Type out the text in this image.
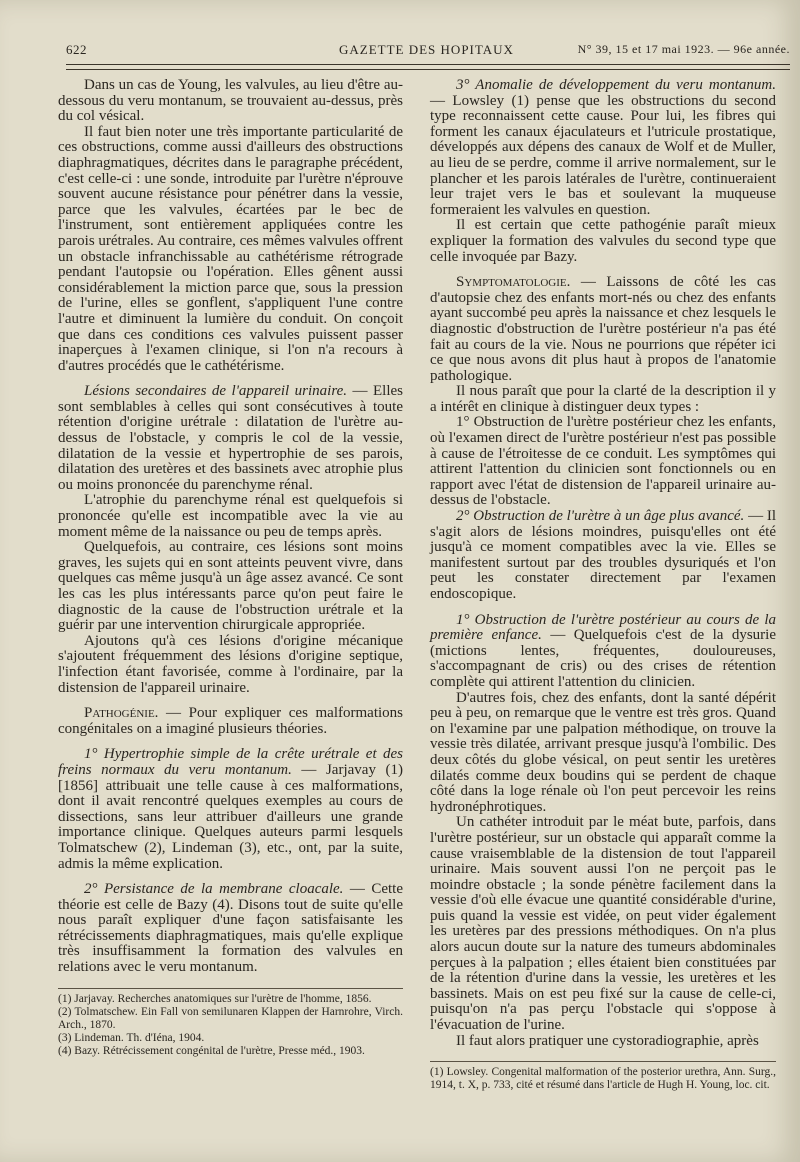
622	GAZETTE DES HOPITAUX	N° 39, 15 et 17 mai 1923. — 96e année.

Dans un cas de Young, les valvules, au lieu d'être au-dessous du veru montanum, se trouvaient au-dessus, près du col vésical.

Il faut bien noter une très importante particularité de ces obstructions, comme aussi d'ailleurs des obstructions diaphragmatiques, décrites dans le paragraphe précédent, c'est celle-ci : une sonde, introduite par l'urètre n'éprouve souvent aucune résistance pour pénétrer dans la vessie, parce que les valvules, écartées par le bec de l'instrument, sont entièrement appliquées contre les parois urétrales. Au contraire, ces mêmes valvules offrent un obstacle infranchissable au cathétérisme rétrograde pendant l'autopsie ou l'opération. Elles gênent aussi considérablement la miction parce que, sous la pression de l'urine, elles se gonflent, s'appliquent l'une contre l'autre et diminuent la lumière du conduit. On conçoit que dans ces conditions ces valvules puissent passer inaperçues à l'examen clinique, si l'on n'a recours à d'autres procédés que le cathétérisme.

Lésions secondaires de l'appareil urinaire. — Elles sont semblables à celles qui sont consécutives à toute rétention d'origine urétrale : dilatation de l'urètre au-dessus de l'obstacle, y compris le col de la vessie, dilatation de la vessie et hypertrophie de ses parois, dilatation des uretères et des bassinets avec atrophie plus ou moins prononcée du parenchyme rénal.

L'atrophie du parenchyme rénal est quelquefois si prononcée qu'elle est incompatible avec la vie au moment même de la naissance ou peu de temps après.

Quelquefois, au contraire, ces lésions sont moins graves, les sujets qui en sont atteints peuvent vivre, dans quelques cas même jusqu'à un âge assez avancé. Ce sont les cas les plus intéressants parce qu'on peut faire le diagnostic de la cause de l'obstruction urétrale et la guérir par une intervention chirurgicale appropriée.

Ajoutons qu'à ces lésions d'origine mécanique s'ajoutent fréquemment des lésions d'origine septique, l'infection étant favorisée, comme à l'ordinaire, par la distension de l'appareil urinaire.

Pathogénie. — Pour expliquer ces malformations congénitales on a imaginé plusieurs théories.

1° Hypertrophie simple de la crête urétrale et des freins normaux du veru montanum. — Jarjavay (1) [1856] attribuait une telle cause à ces malformations, dont il avait rencontré quelques exemples au cours de dissections, sans leur attribuer d'ailleurs une grande importance clinique. Quelques auteurs parmi lesquels Tolmatschew (2), Lindeman (3), etc., ont, par la suite, admis la même explication.

2° Persistance de la membrane cloacale. — Cette théorie est celle de Bazy (4). Disons tout de suite qu'elle nous paraît expliquer d'une façon satisfaisante les rétrécissements diaphragmatiques, mais qu'elle explique très insuffisamment la formation des valvules en relations avec le veru montanum.

(1) Jarjavay. Recherches anatomiques sur l'urètre de l'homme, 1856.
(2) Tolmatschew. Ein Fall von semilunaren Klappen der Harnrohre, Virch. Arch., 1870.
(3) Lindeman. Th. d'Iéna, 1904.
(4) Bazy. Rétrécissement congénital de l'urètre, Presse méd., 1903.

3° Anomalie de développement du veru montanum. — Lowsley (1) pense que les obstructions du second type reconnaissent cette cause. Pour lui, les fibres qui forment les canaux éjaculateurs et l'utricule prostatique, développés aux dépens des canaux de Wolf et de Muller, au lieu de se perdre, comme il arrive normalement, sur le plancher et les parois latérales de l'urètre, continueraient leur trajet vers le bas et soulevant la muqueuse formeraient les valvules en question.

Il est certain que cette pathogénie paraît mieux expliquer la formation des valvules du second type que celle invoquée par Bazy.

Symptomatologie. — Laissons de côté les cas d'autopsie chez des enfants mort-nés ou chez des enfants ayant succombé peu après la naissance et chez lesquels le diagnostic d'obstruction de l'urètre postérieur n'a pas été fait au cours de la vie. Nous ne pourrions que répéter ici ce que nous avons dit plus haut à propos de l'anatomie pathologique.

Il nous paraît que pour la clarté de la description il y a intérêt en clinique à distinguer deux types :

1° Obstruction de l'urètre postérieur chez les enfants, où l'examen direct de l'urètre postérieur n'est pas possible à cause de l'étroitesse de ce conduit. Les symptômes qui attirent l'attention du clinicien sont fonctionnels ou en rapport avec l'état de distension de l'appareil urinaire au-dessus de l'obstacle.

2° Obstruction de l'urètre à un âge plus avancé. — Il s'agit alors de lésions moindres, puisqu'elles ont été jusqu'à ce moment compatibles avec la vie. Elles se manifestent surtout par des troubles dysuriqués et l'on peut les constater directement par l'examen endoscopique.

1° Obstruction de l'urètre postérieur au cours de la première enfance. — Quelquefois c'est de la dysurie (mictions lentes, fréquentes, douloureuses, s'accompagnant de cris) ou des crises de rétention complète qui attirent l'attention du clinicien.

D'autres fois, chez des enfants, dont la santé dépérit peu à peu, on remarque que le ventre est très gros. Quand on l'examine par une palpation méthodique, on trouve la vessie très dilatée, arrivant presque jusqu'à l'ombilic. Des deux côtés du globe vésical, on peut sentir les uretères dilatés comme deux boudins qui se perdent de chaque côté dans la loge rénale où l'on peut percevoir les reins hydronéphrotiques.

Un cathéter introduit par le méat bute, parfois, dans l'urètre postérieur, sur un obstacle qui apparaît comme la cause vraisemblable de la distension de tout l'appareil urinaire. Mais souvent aussi l'on ne perçoit pas le moindre obstacle ; la sonde pénètre facilement dans la vessie d'où elle évacue une quantité considérable d'urine, puis quand la vessie est vidée, on peut vider également les uretères par des pressions méthodiques. On n'a plus alors aucun doute sur la nature des tumeurs abdominales perçues à la palpation ; elles étaient bien constituées par de la rétention d'urine dans la vessie, les uretères et les bassinets. Mais on est peu fixé sur la cause de celle-ci, puisqu'on n'a pas perçu l'obstacle qui s'oppose à l'évacuation de l'urine.

Il faut alors pratiquer une cystoradiographie, après

(1) Lowsley. Congenital malformation of the posterior urethra, Ann. Surg., 1914, t. X, p. 733, cité et résumé dans l'article de Hugh H. Young, loc. cit.
